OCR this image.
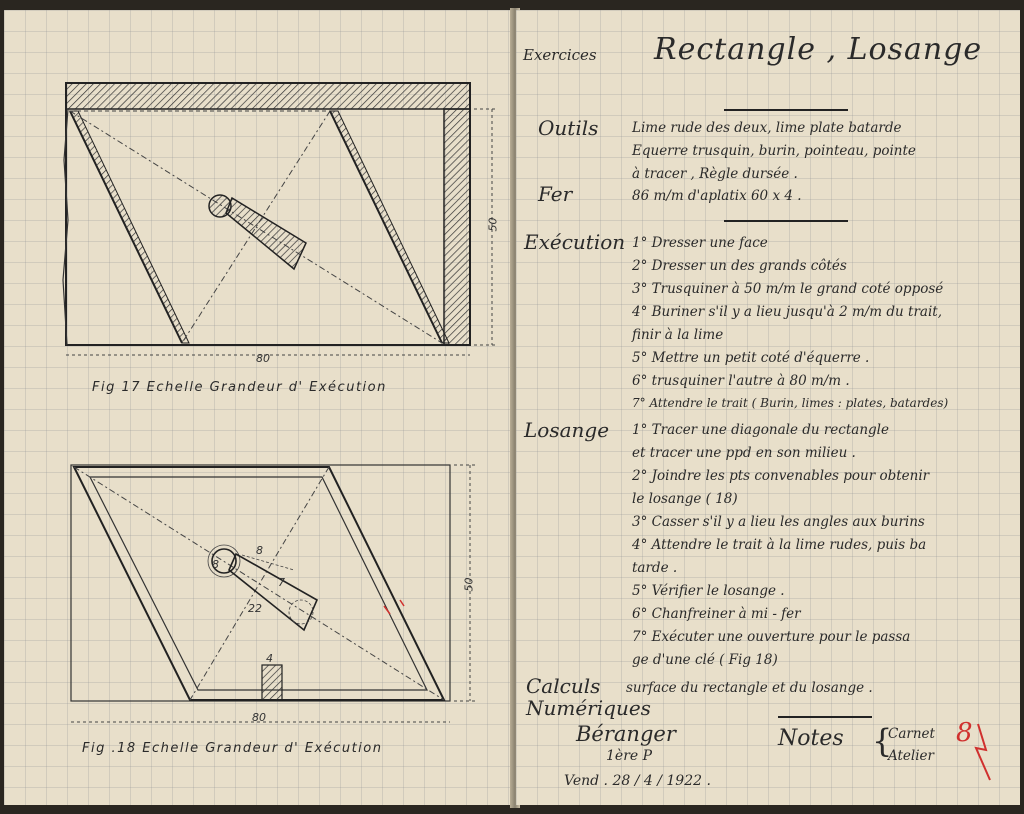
80
50
Fig 17 Echelle Grandeur d' Exécution
80
50
8
7
8
22
4
Fig .18 Echelle Grandeur d' Exécution
Exercices Rectangle , Losange
Outils Lime rude des deux, lime plate batarde
Equerre trusquin, burin, pointeau, pointe
à tracer , Règle dursée .
Fer	86 m/m d'aplatix 60 x 4 .
Exécution 1° Dresser une face
2° Dresser un des grands côtés
3° Trusquiner à 50 m/m le grand coté opposé
4° Buriner s'il y a lieu jusqu'à 2 m/m du trait,
finir à la lime
5° Mettre un petit coté d'équerre .
6° trusquiner l'autre à 80 m/m .
7° Attendre le trait ( Burin, limes : plates, batardes)
Losange 1° Tracer une diagonale du rectangle
et tracer une ppd en son milieu .
2° Joindre les pts convenables pour obtenir
le losange ( 18)
3° Casser s'il y a lieu les angles aux burins
4° Attendre le trait à la lime rudes, puis ba
tarde .
5° Vérifier le losange .
6° Chanfreiner à mi - fer
7° Exécuter une ouverture pour le passa
ge d'une clé ( Fig 18)
Calculs surface du rectangle et du losange .
Numériques
Béranger
1ère P
Vend . 28 / 4 / 1922 .
Notes {
Carnet
Atelier
8
